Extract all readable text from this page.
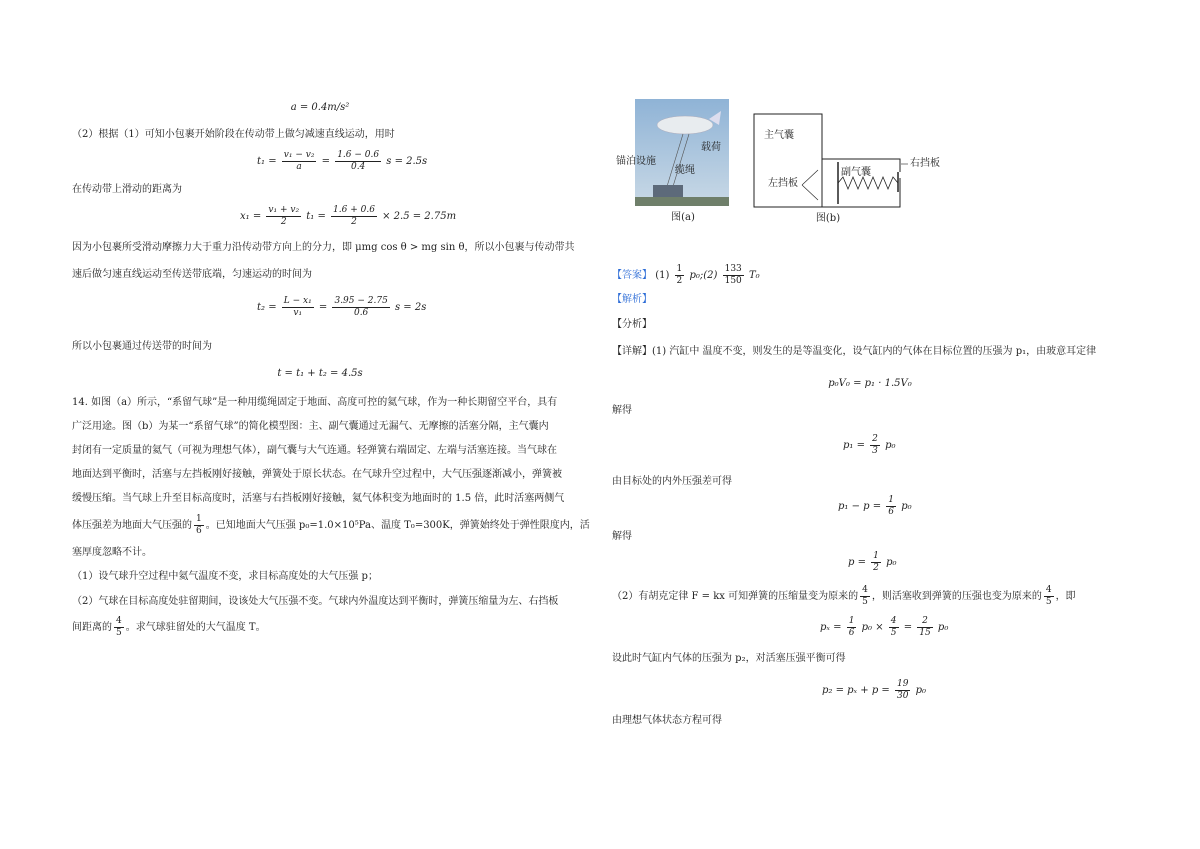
a = 0.4m/s²
（2）根据（1）可知小包裹开始阶段在传动带上做匀减速直线运动，用时
$t_1 = \frac{\text{v₁ − v₂}}{a} = \frac{1.6 - 0.6}{0.4}$ s = 2.5s
在传动带上滑动的距离为
$x_1 = \frac{\text{v₁ + v₂}}{2} t_1 = \frac{1.6 + 0.6}{2} \times 2.5 = 2.75m$
因为小包裹所受滑动摩擦力大于重力沿传动带方向上的分力，即 μmg cos θ > mg sin θ，所以小包裹与传动带共
速后做匀速直线运动至传送带底端，匀速运动的时间为
$t_2 = \frac{\text{L − x₁}}{\text{v₁}} = \frac{3.95 - 2.75}{0.6}$ s = 2s
所以小包裹通过传送带的时间为
t = t₁ + t₂ = 4.5s
14. 如图（a）所示，“系留气球”是一种用缆绳固定于地面、高度可控的氦气球，作为一种长期留空平台，具有
广泛用途。图（b）为某一“系留气球”的简化模型图：主、副气囊通过无漏气、无摩擦的活塞分隔，主气囊内
封闭有一定质量的氦气（可视为理想气体），副气囊与大气连通。轻弹簧右端固定、左端与活塞连接。当气球在
地面达到平衡时，活塞与左挡板刚好接触，弹簧处于原长状态。在气球升空过程中，大气压强逐渐减小，弹簧被
缓慢压缩。当气球上升至目标高度时，活塞与右挡板刚好接触，氦气体积变为地面时的 1.5 倍，此时活塞两侧气
体压强差为地面大气压强的 $\frac{1}{6}$ 。已知地面大气压强 p₀=1.0×10⁵Pa、温度 T₀=300K，弹簧始终处于弹性限度内，活
塞厚度忽略不计。
（1）设气球升空过程中氦气温度不变，求目标高度处的大气压强 p；
（2）气球在目标高度处驻留期间，设该处大气压强不变。气球内外温度达到平衡时，弹簧压缩量为左、右挡板
间距离的 $\frac{4}{5}$ 。求气球驻留处的大气温度 T。
锚泊设施
载荷
缆绳
图(a)
主气囊
副气囊
右挡板
左挡板
图(b)
【答案】 $(1) \frac{1}{2}$ p₀;(2) $\frac{133}{150} T_0$
【解析】
【分析】
【详解】(1) 汽缸中 温度不变，则发生的是等温变化，设气缸内的气体在目标位置的压强为 p₁，由玻意耳定律
p₀V₀ = p₁ · 1.5V₀
解得
$p_1 = \frac{2}{3} p_0$
由目标处的内外压强差可得
$p_1 - p = \frac{1}{6} p_0$
解得
$p = \frac{1}{2} p_0$
（2）有胡克定律 F = kx 可知弹簧的压缩量变为原来的 $\frac{4}{5}$ ，则活塞收到弹簧的压强也变为原来的 $\frac{4}{5}$ ，即
$p_x = \frac{1}{6} p_0 \times \frac{4}{5} = \frac{2}{15} p_0$
设此时气缸内气体的压强为 p₂，对活塞压强平衡可得
$p_2 = p_x + p = \frac{19}{30} p_0$
由理想气体状态方程可得
